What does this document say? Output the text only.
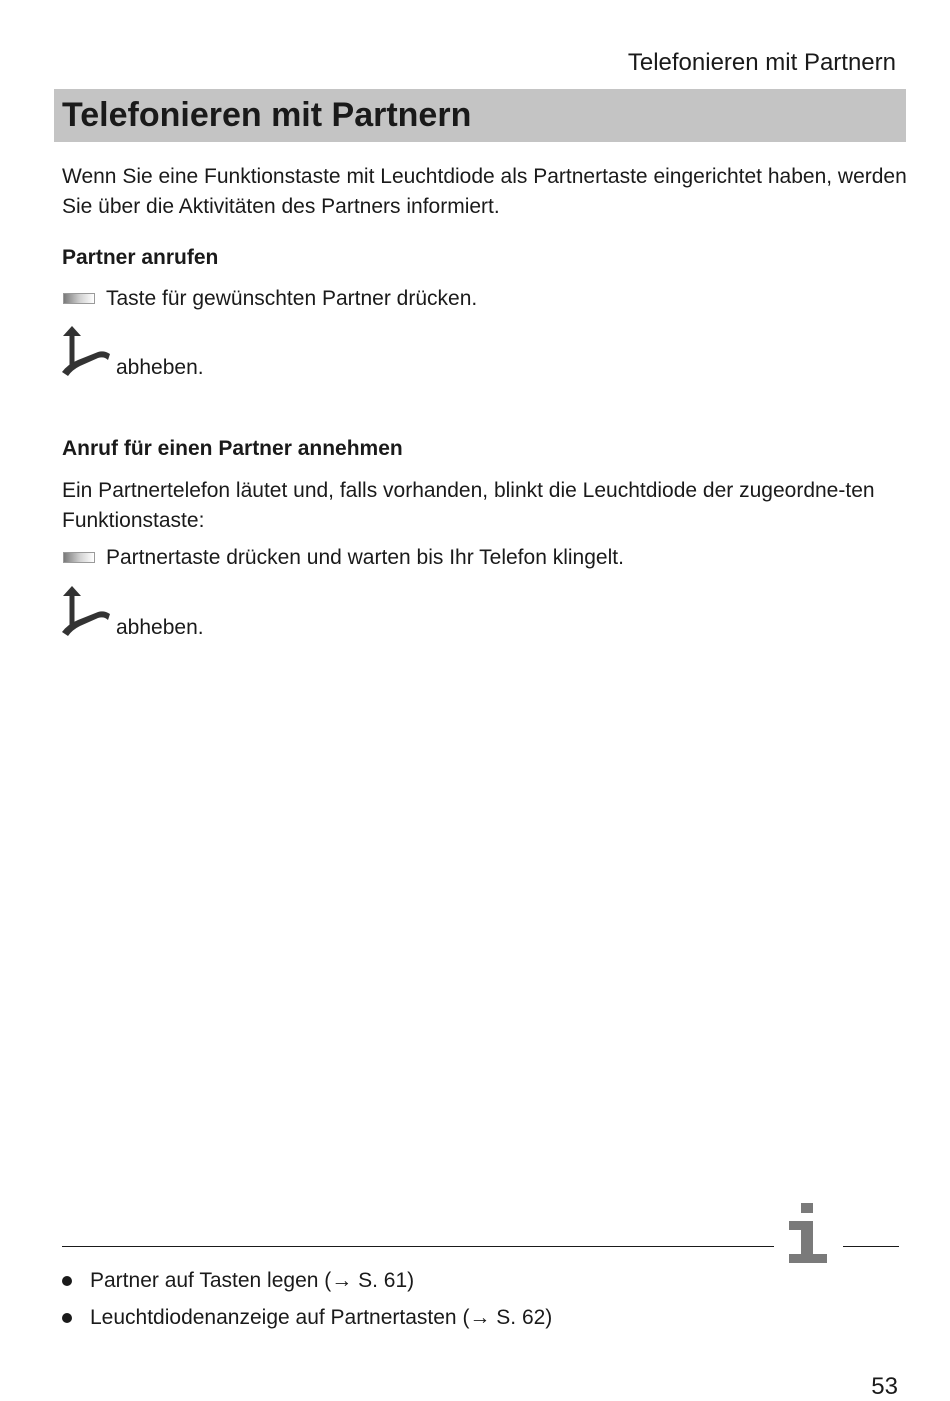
Telefonieren mit Partnern
Telefonieren mit Partnern
Wenn Sie eine Funktionstaste mit Leuchtdiode als Partnertaste eingerichtet haben, werden Sie über die Aktivitäten des Partners informiert.
Partner anrufen
Taste für gewünschten Partner drücken.
abheben.
Anruf für einen Partner annehmen
Ein Partnertelefon läutet und, falls vorhanden, blinkt die Leuchtdiode der zugeordne-ten Funktionstaste:
Partnertaste drücken und warten bis Ihr Telefon klingelt.
abheben.
Partner auf Tasten legen (→ S. 61)
Leuchtdiodenanzeige auf Partnertasten (→ S. 62)
53
